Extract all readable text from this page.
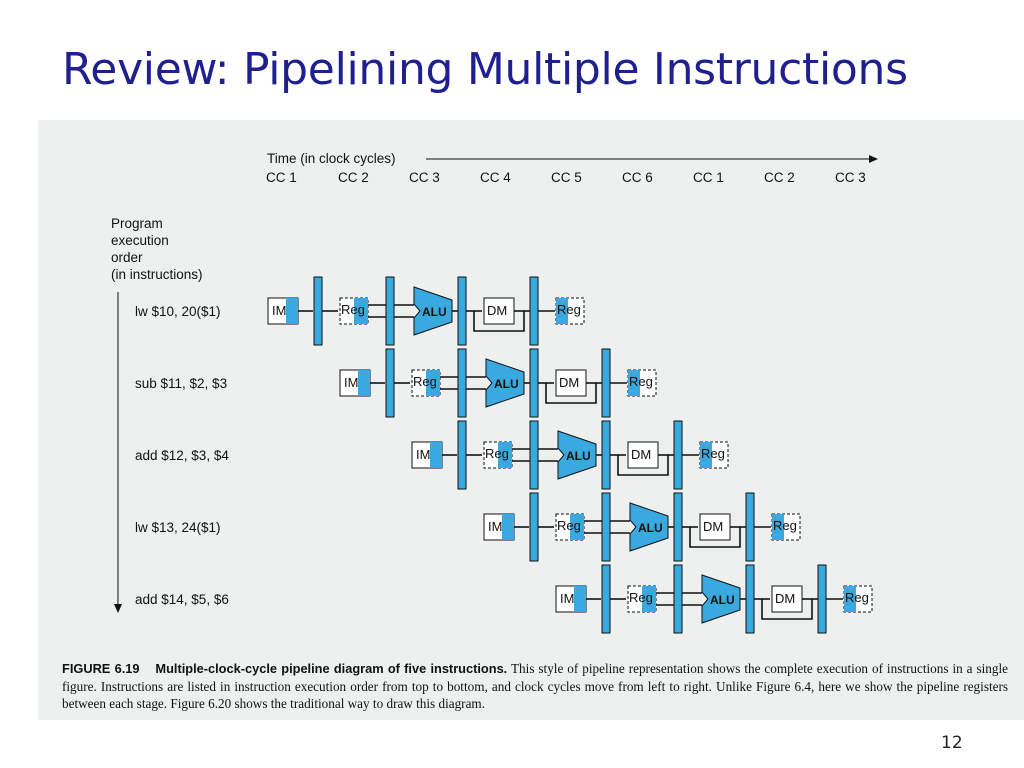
Review: Pipelining Multiple Instructions
Time (in clock cycles)
CC 1	CC 2	CC 3	CC 4	CC 5	CC 6	CC 1	CC 2	CC 3
Program
execution
order
(in instructions)
lw $10, 20($1)
sub $11, $2, $3
add $12, $3, $4
lw $13, 24($1)
add $14, $5, $6
IM	Reg	ALU	DM	Reg
IM	Reg	ALU	DM	Reg
IM	Reg	ALU	DM	Reg
IM	Reg	ALU	DM	Reg
IM	Reg	ALU	DM	Reg

FIGURE 6.19 Multiple-clock-cycle pipeline diagram of five instructions. This style of pipeline representation shows the complete execution of instructions in a single figure. Instructions are listed in instruction execution order from top to bottom, and clock cycles move from left to right. Unlike Figure 6.4, here we show the pipeline registers between each stage. Figure 6.20 shows the traditional way to draw this diagram.

12
